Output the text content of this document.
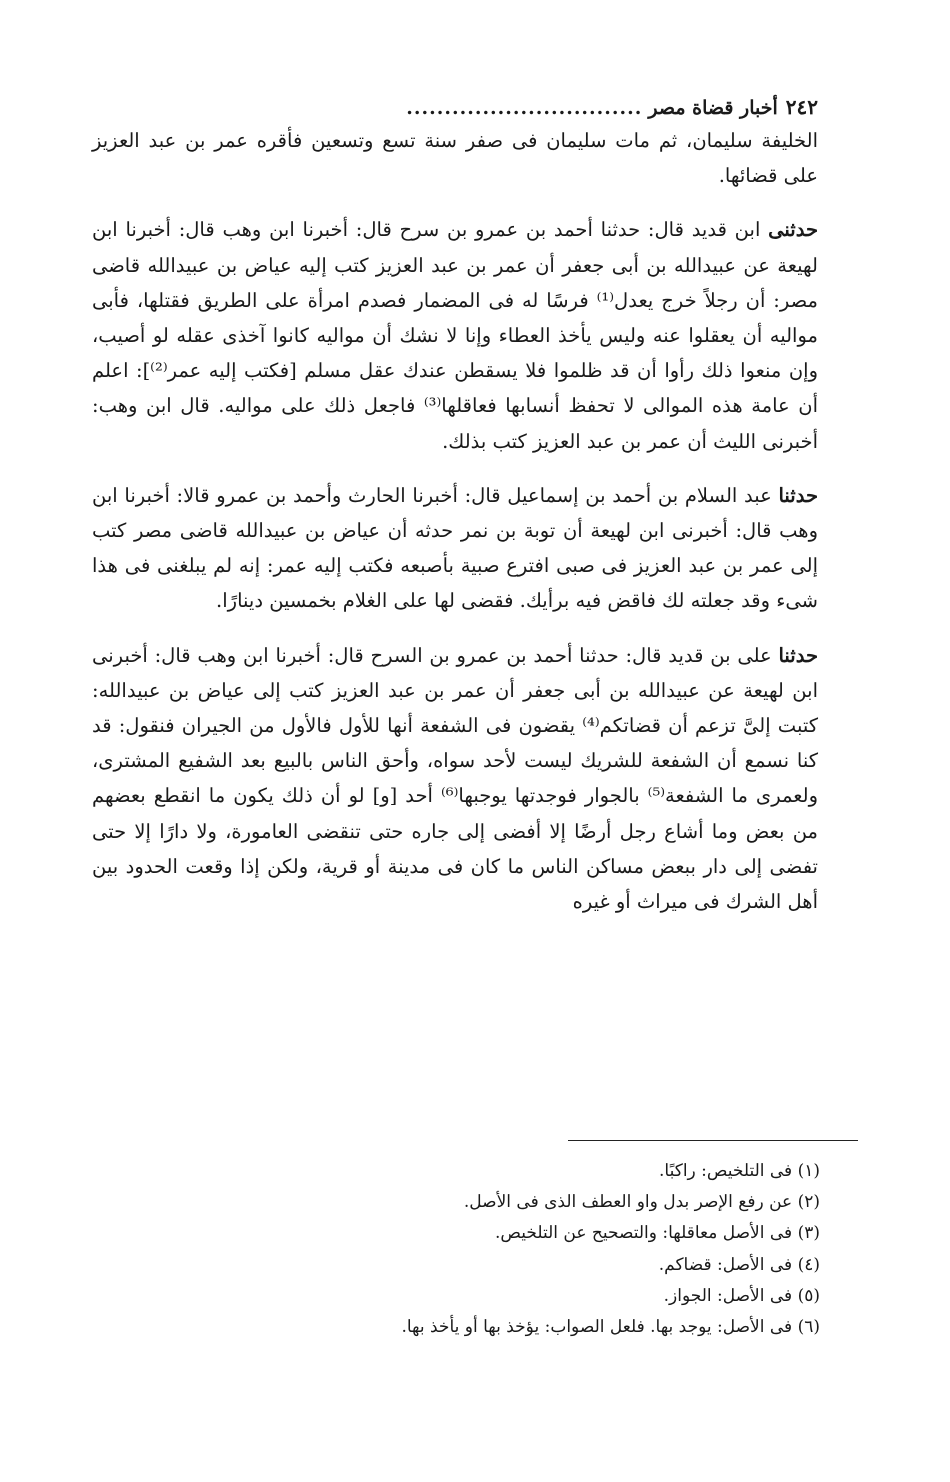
٢٤٢
أخبار قضاة مصر
...............................

الخليفة سليمان، ثم مات سليمان فى صفر سنة تسع وتسعين فأقره عمر بن عبد العزيز على قضائها.

حدثنى ابن قديد قال: حدثنا أحمد بن عمرو بن سرح قال: أخبرنا ابن وهب قال: أخبرنا ابن لهيعة عن عبيدالله بن أبى جعفر أن عمر بن عبد العزيز كتب إليه عياض بن عبيدالله قاضى مصر: أن رجلاً خرج يعدل⁽¹⁾ فرسًا له فى المضمار فصدم امرأة على الطريق فقتلها، فأبى مواليه أن يعقلوا عنه وليس يأخذ العطاء وإنا لا نشك أن مواليه كانوا آخذى عقله لو أصيب، وإن منعوا ذلك رأوا أن قد ظلموا فلا يسقطن عندك عقل مسلم [فكتب إليه عمر⁽²⁾]: اعلم أن عامة هذه الموالى لا تحفظ أنسابها فعاقلها⁽³⁾ فاجعل ذلك على مواليه. قال ابن وهب: أخبرنى الليث أن عمر بن عبد العزيز كتب بذلك.

حدثنا عبد السلام بن أحمد بن إسماعيل قال: أخبرنا الحارث وأحمد بن عمرو قالا: أخبرنا ابن وهب قال: أخبرنى ابن لهيعة أن توبة بن نمر حدثه أن عياض بن عبيدالله قاضى مصر كتب إلى عمر بن عبد العزيز فى صبى افترع صبية بأصبعه فكتب إليه عمر: إنه لم يبلغنى فى هذا شىء وقد جعلته لك فاقض فيه برأيك. فقضى لها على الغلام بخمسين دينارًا.

حدثنا على بن قديد قال: حدثنا أحمد بن عمرو بن السرح قال: أخبرنا ابن وهب قال: أخبرنى ابن لهيعة عن عبيدالله بن أبى جعفر أن عمر بن عبد العزيز كتب إلى عياض بن عبيدالله: كتبت إلىَّ تزعم أن قضاتكم⁽⁴⁾ يقضون فى الشفعة أنها للأول فالأول من الجيران فنقول: قد كنا نسمع أن الشفعة للشريك ليست لأحد سواه، وأحق الناس بالبيع بعد الشفيع المشترى، ولعمرى ما الشفعة⁽⁵⁾ بالجوار فوجدتها يوجبها⁽⁶⁾ أحد [و] لو أن ذلك يكون ما انقطع بعضهم من بعض وما أشاع رجل أرضًا إلا أفضى إلى جاره حتى تنقضى العامورة، ولا دارًا إلا حتى تفضى إلى دار ببعض مساكن الناس ما كان فى مدينة أو قرية، ولكن إذا وقعت الحدود بين أهل الشرك فى ميراث أو غيره

(١) فى التلخيص: راكبًا.
(٢) عن رفع الإصر بدل واو العطف الذى فى الأصل.
(٣) فى الأصل معاقلها: والتصحيح عن التلخيص.
(٤) فى الأصل: قضاكم.
(٥) فى الأصل: الجواز.
(٦) فى الأصل: يوجد بها. فلعل الصواب: يؤخذ بها أو يأخذ بها.
